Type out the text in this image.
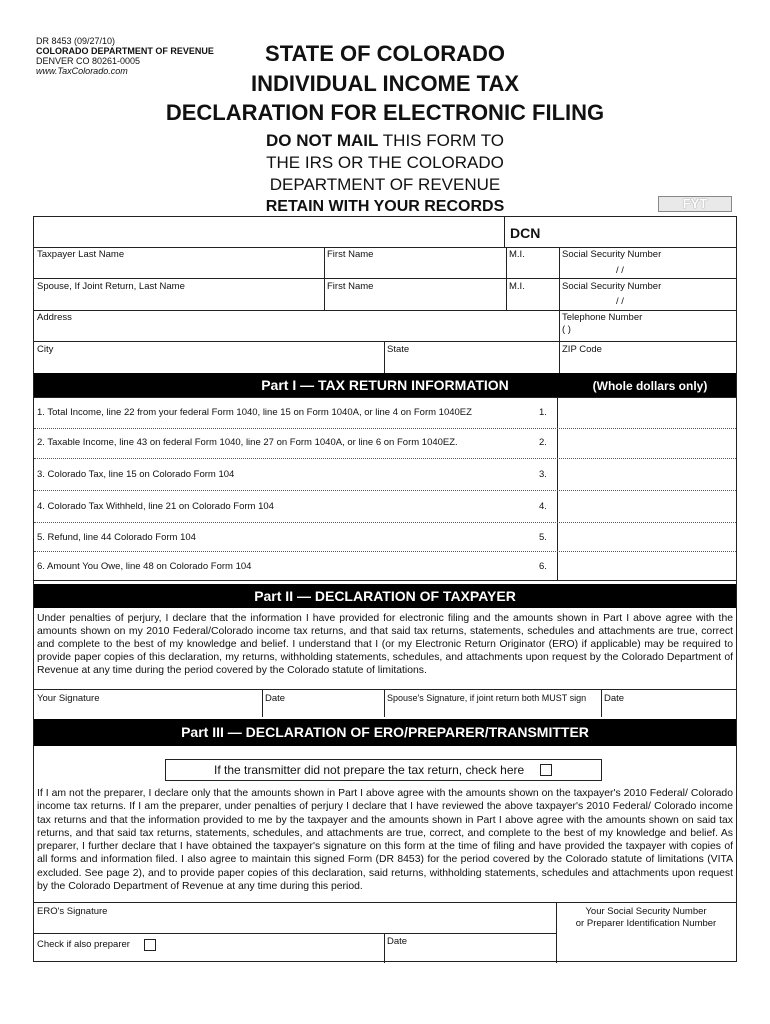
DR 8453 (09/27/10)
COLORADO DEPARTMENT OF REVENUE
DENVER CO 80261-0005
www.TaxColorado.com
STATE OF COLORADO
INDIVIDUAL INCOME TAX
DECLARATION FOR ELECTRONIC FILING
DO NOT MAIL THIS FORM TO
THE IRS OR THE COLORADO
DEPARTMENT OF REVENUE
RETAIN WITH YOUR RECORDS	FYT
DCN
Taxpayer Last Name	First Name	M.I.	Social Security Number
/ /
Spouse, If Joint Return, Last Name	First Name	M.I.	Social Security Number
/ /
Address	Telephone Number
( )
City	State	ZIP Code
Part I — TAX RETURN INFORMATION	(Whole dollars only)
1. Total Income, line 22 from your federal Form 1040, line 15 on Form 1040A, or line 4 on Form 1040EZ	1.
2. Taxable Income, line 43 on federal Form 1040, line 27 on Form 1040A, or line 6 on Form 1040EZ.	2.
3. Colorado Tax, line 15 on Colorado Form 104	3.
4. Colorado Tax Withheld, line 21 on Colorado Form 104	4.
5. Refund, line 44 Colorado Form 104	5.
6. Amount You Owe, line 48 on Colorado Form 104	6.
Part II — DECLARATION OF TAXPAYER
Under penalties of perjury, I declare that the information I have provided for electronic filing and the amounts shown in Part I above agree with the amounts shown on my 2010 Federal/Colorado income tax returns, and that said tax returns, statements, schedules and attachments are true, correct and complete to the best of my knowledge and belief. I understand that I (or my Electronic Return Originator (ERO) if applicable) may be required to provide paper copies of this declaration, my returns, withholding statements, schedules, and attachments upon request by the Colorado Department of Revenue at any time during the period covered by the Colorado statute of limitations.
Your Signature	Date	Spouse's Signature, if joint return both MUST sign Date
Part III — DECLARATION OF ERO/PREPARER/TRANSMITTER
If the transmitter did not prepare the tax return, check here
If I am not the preparer, I declare only that the amounts shown in Part I above agree with the amounts shown on the taxpayer's 2010 Federal/ Colorado income tax returns. If I am the preparer, under penalties of perjury I declare that I have reviewed the above taxpayer's 2010 Federal/ Colorado income tax returns and that the information provided to me by the taxpayer and the amounts shown in Part I above agree with the amounts shown on said tax returns, and that said tax returns, statements, schedules, and attachments are true, correct, and complete to the best of my knowledge and belief. As preparer, I further declare that I have obtained the taxpayer's signature on this form at the time of filing and have provided the taxpayer with copies of all forms and information filed. I also agree to maintain this signed Form (DR 8453) for the period covered by the Colorado statute of limitations (VITA excluded. See page 2), and to provide paper copies of this declaration, said returns, withholding statements, schedules and attachments upon request by the Colorado Department of Revenue at any time during this period.
ERO's Signature	Your Social Security Number
or Preparer Identification Number
Check if also preparer	Date
